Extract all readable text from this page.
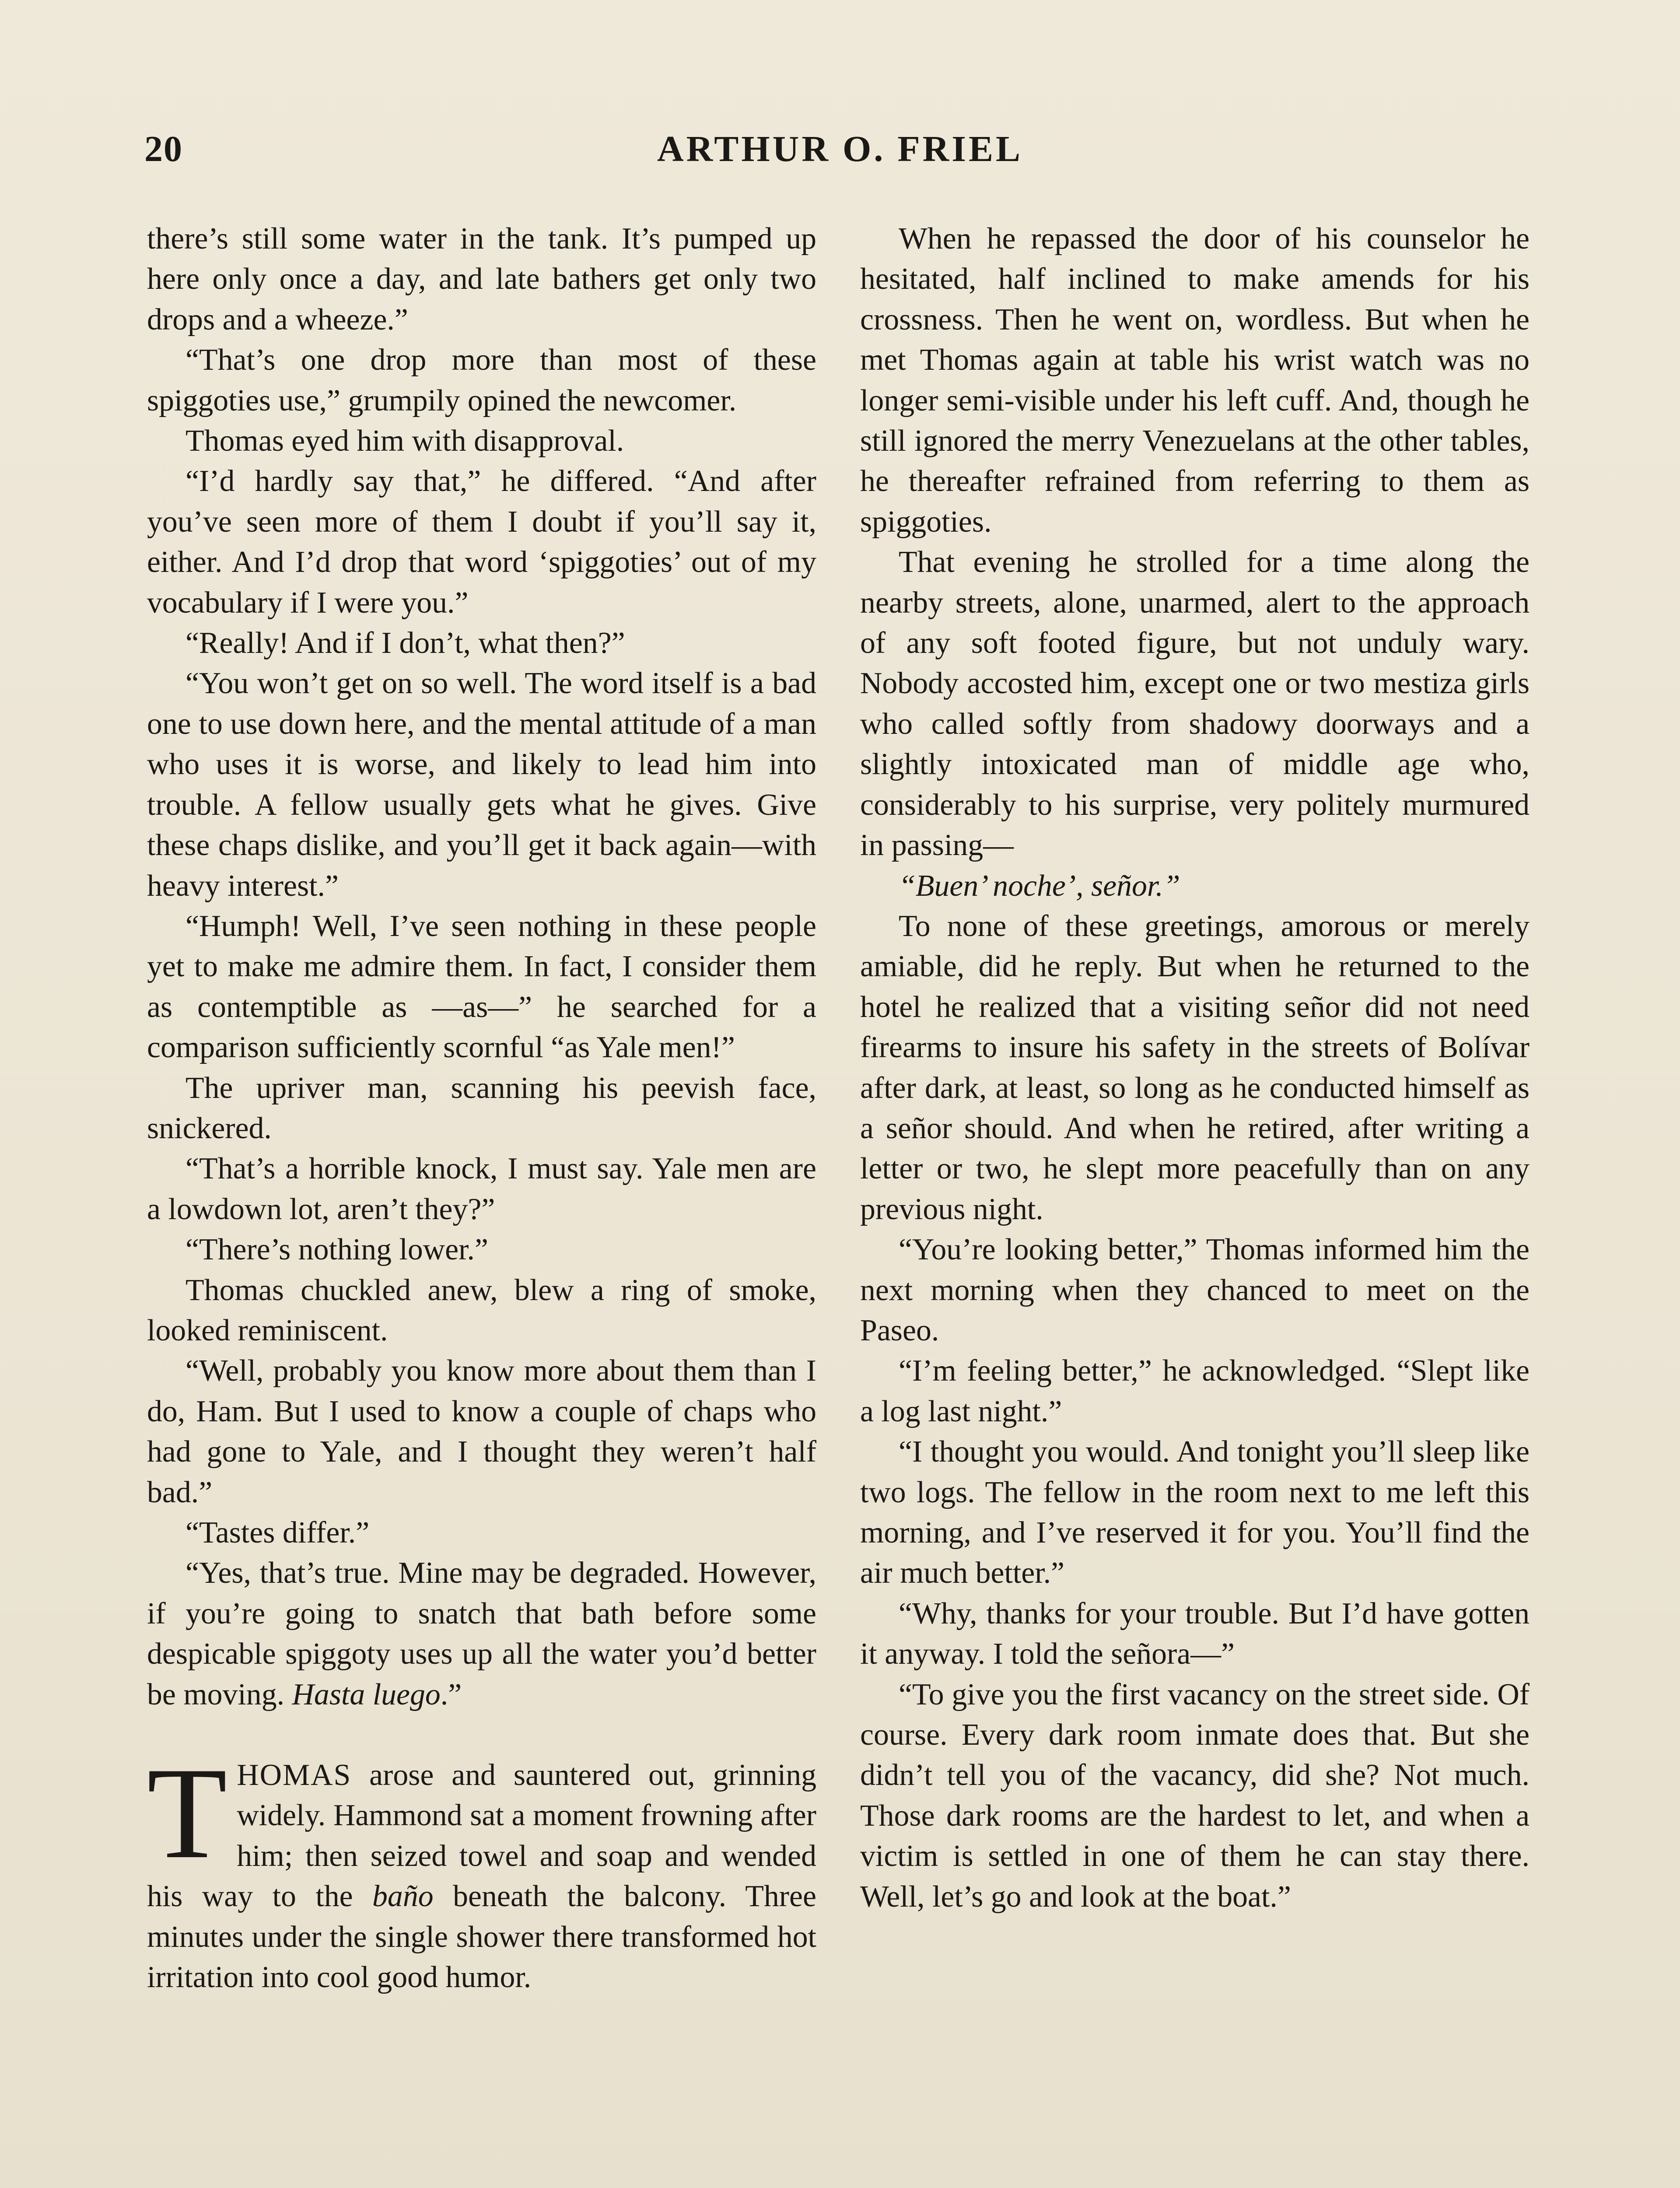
20	ARTHUR O. FRIEL

there’s still some water in the tank. It’s pumped up here only once a day, and late bathers get only two drops and a wheeze.”

“That’s one drop more than most of these spiggoties use,” grumpily opined the newcomer.

Thomas eyed him with disapproval.

“I’d hardly say that,” he differed. “And after you’ve seen more of them I doubt if you’ll say it, either. And I’d drop that word ‘spiggoties’ out of my vocabulary if I were you.”

“Really! And if I don’t, what then?”

“You won’t get on so well. The word itself is a bad one to use down here, and the mental attitude of a man who uses it is worse, and likely to lead him into trouble. A fellow usually gets what he gives. Give these chaps dislike, and you’ll get it back again—with heavy interest.”

“Humph! Well, I’ve seen nothing in these people yet to make me admire them. In fact, I consider them as contemptible as —as—” he searched for a comparison sufficiently scornful “as Yale men!”

The upriver man, scanning his peevish face, snickered.

“That’s a horrible knock, I must say. Yale men are a lowdown lot, aren’t they?”

“There’s nothing lower.”

Thomas chuckled anew, blew a ring of smoke, looked reminiscent.

“Well, probably you know more about them than I do, Ham. But I used to know a couple of chaps who had gone to Yale, and I thought they weren’t half bad.”

“Tastes differ.”

“Yes, that’s true. Mine may be degraded. However, if you’re going to snatch that bath before some despicable spiggoty uses up all the water you’d better be moving. Hasta luego.”

THOMAS arose and sauntered out, grinning widely. Hammond sat a moment frowning after him; then seized towel and soap and wended his way to the baño beneath the balcony. Three minutes under the single shower there transformed hot irritation into cool good humor.

When he repassed the door of his counselor he hesitated, half inclined to make amends for his crossness. Then he went on, wordless. But when he met Thomas again at table his wrist watch was no longer semi-visible under his left cuff. And, though he still ignored the merry Venezuelans at the other tables, he thereafter refrained from referring to them as spiggoties.

That evening he strolled for a time along the nearby streets, alone, unarmed, alert to the approach of any soft footed figure, but not unduly wary. Nobody accosted him, except one or two mestiza girls who called softly from shadowy doorways and a slightly intoxicated man of middle age who, considerably to his surprise, very politely murmured in passing—

“Buen’ noche’, señor.”

To none of these greetings, amorous or merely amiable, did he reply. But when he returned to the hotel he realized that a visiting señor did not need firearms to insure his safety in the streets of Bolívar after dark, at least, so long as he conducted himself as a señor should. And when he retired, after writing a letter or two, he slept more peacefully than on any previous night.

“You’re looking better,” Thomas informed him the next morning when they chanced to meet on the Paseo.

“I’m feeling better,” he acknowledged. “Slept like a log last night.”

“I thought you would. And tonight you’ll sleep like two logs. The fellow in the room next to me left this morning, and I’ve reserved it for you. You’ll find the air much better.”

“Why, thanks for your trouble. But I’d have gotten it anyway. I told the señora—”

“To give you the first vacancy on the street side. Of course. Every dark room inmate does that. But she didn’t tell you of the vacancy, did she? Not much. Those dark rooms are the hardest to let, and when a victim is settled in one of them he can stay there. Well, let’s go and look at the boat.”
